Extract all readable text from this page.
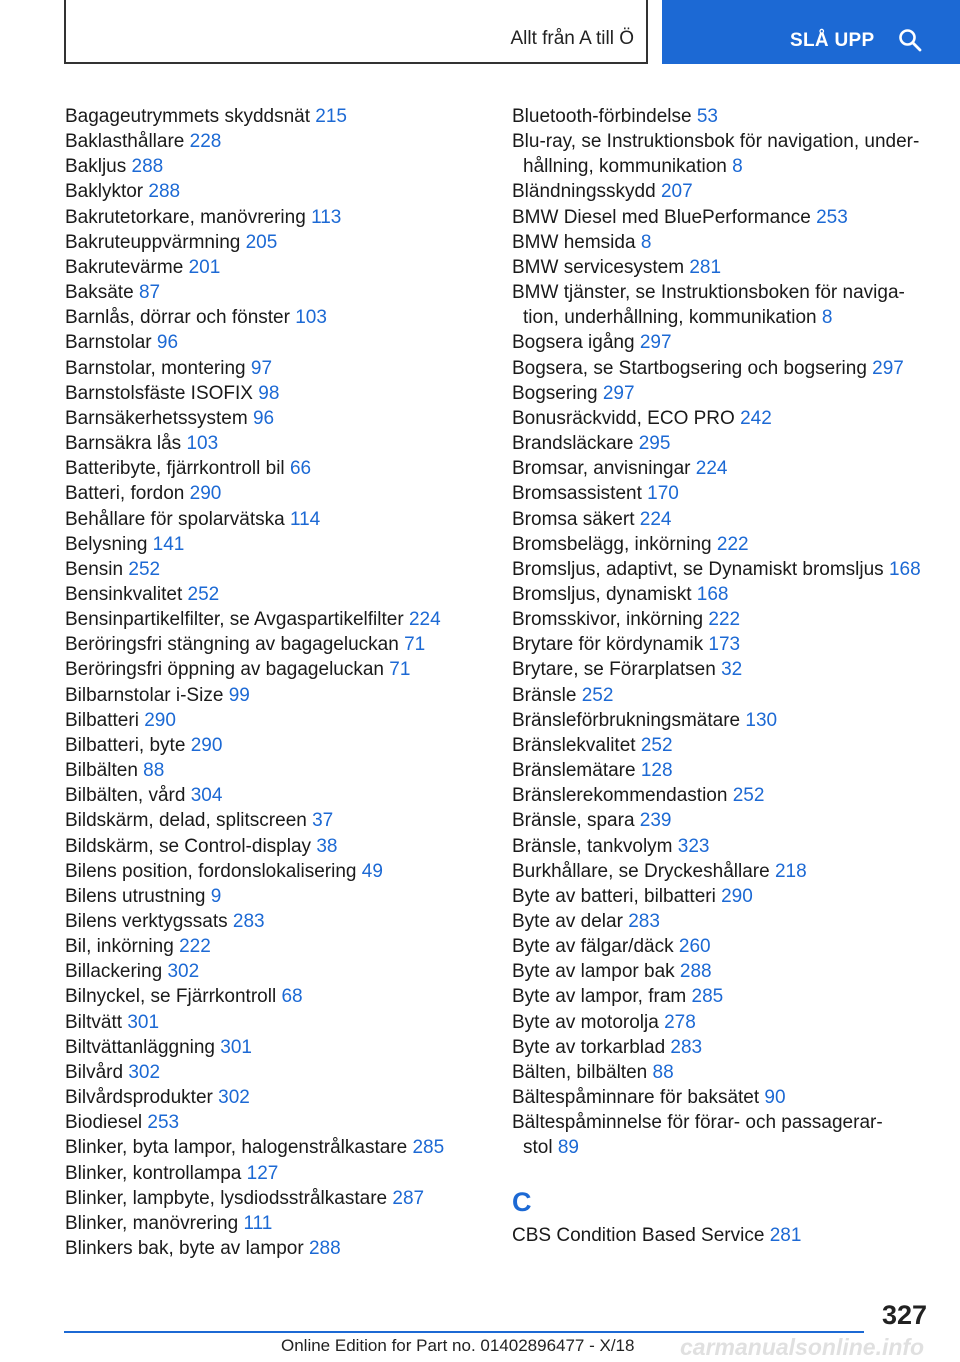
Allt från A till Ö	SLÅ UPP
Bagageutrymmets skyddsnät 215
Baklasthållare 228
Bakljus 288
Baklyktor 288
Bakrutetorkare, manövrering 113
Bakruteuppvärmning 205
Bakrutevärme 201
Baksäte 87
Barnlås, dörrar och fönster 103
Barnstolar 96
Barnstolar, montering 97
Barnstolsfäste ISOFIX 98
Barnsäkerhetssystem 96
Barnsäkra lås 103
Batteribyte, fjärrkontroll bil 66
Batteri, fordon 290
Behållare för spolarvätska 114
Belysning 141
Bensin 252
Bensinkvalitet 252
Bensinpartikelfilter, se Avgaspartikelfilter 224
Beröringsfri stängning av bagageluckan 71
Beröringsfri öppning av bagageluckan 71
Bilbarnstolar i-Size 99
Bilbatteri 290
Bilbatteri, byte 290
Bilbälten 88
Bilbälten, vård 304
Bildskärm, delad, splitscreen 37
Bildskärm, se Control-display 38
Bilens position, fordonslokalisering 49
Bilens utrustning 9
Bilens verktygssats 283
Bil, inkörning 222
Billackering 302
Bilnyckel, se Fjärrkontroll 68
Biltvätt 301
Biltvättanläggning 301
Bilvård 302
Bilvårdsprodukter 302
Biodiesel 253
Blinker, byta lampor, halogenstrålkastare 285
Blinker, kontrollampa 127
Blinker, lampbyte, lysdiodsstrålkastare 287
Blinker, manövrering 111
Blinkers bak, byte av lampor 288
Bluetooth-förbindelse 53
Blu-ray, se Instruktionsbok för navigation, under-
hållning, kommunikation 8
Bländningsskydd 207
BMW Diesel med BluePerformance 253
BMW hemsida 8
BMW servicesystem 281
BMW tjänster, se Instruktionsboken för naviga-
tion, underhållning, kommunikation 8
Bogsera igång 297
Bogsera, se Startbogsering och bogsering 297
Bogsering 297
Bonusräckvidd, ECO PRO 242
Brandsläckare 295
Bromsar, anvisningar 224
Bromsassistent 170
Bromsa säkert 224
Bromsbelägg, inkörning 222
Bromsljus, adaptivt, se Dynamiskt bromsljus 168
Bromsljus, dynamiskt 168
Bromsskivor, inkörning 222
Brytare för kördynamik 173
Brytare, se Förarplatsen 32
Bränsle 252
Bränsleförbrukningsmätare 130
Bränslekvalitet 252
Bränslemätare 128
Bränslerekommendastion 252
Bränsle, spara 239
Bränsle, tankvolym 323
Burkhållare, se Dryckeshållare 218
Byte av batteri, bilbatteri 290
Byte av delar 283
Byte av fälgar/däck 260
Byte av lampor bak 288
Byte av lampor, fram 285
Byte av motorolja 278
Byte av torkarblad 283
Bälten, bilbälten 88
Bältespåminnare för baksätet 90
Bältespåminnelse för förar- och passagerar-
stol 89
C
CBS Condition Based Service 281
327
Online Edition for Part no. 01402896477 - X/18 carmanualsonline.info
